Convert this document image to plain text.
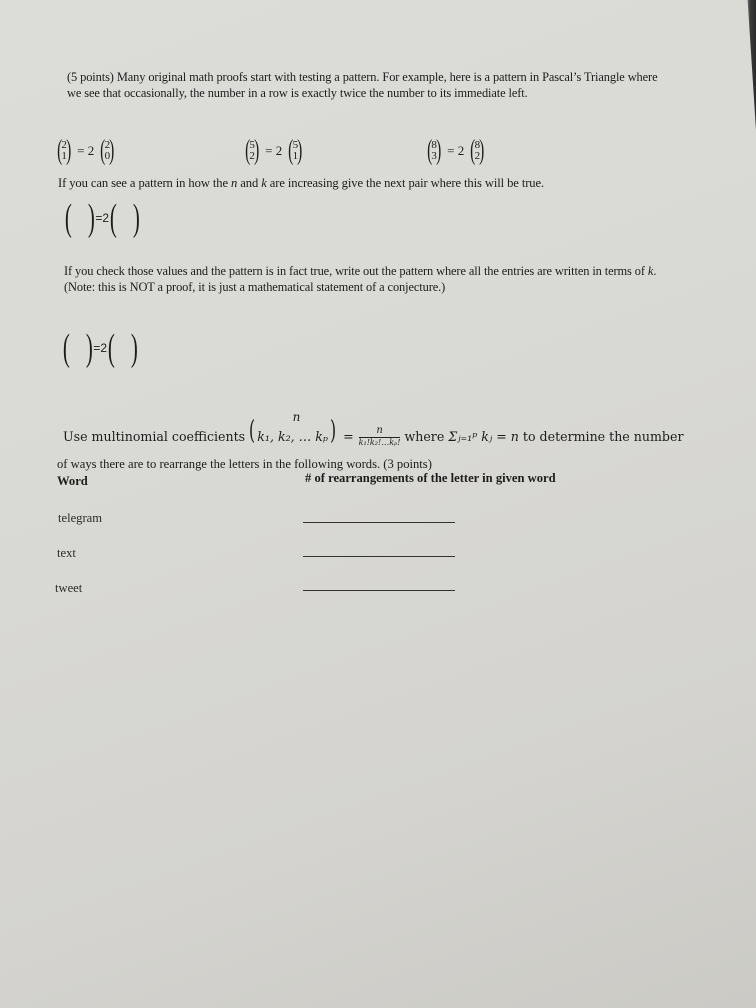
(5 points) Many original math proofs start with testing a pattern. For example, here is a pattern in Pascal’s Triangle where we see that occasionally, the number in a row is exactly twice the number to its immediate left.
( 2
1 ) = 2 ( 2
0 )	( 5
2 ) = 2 ( 5
1 )	( 8
3 ) = 2 ( 8
2 )
If you can see a pattern in how the n and k are increasing give the next pair where this will be true.
( ) =2 ( )
If you check those values and the pattern is in fact true, write out the pattern where all the entries are written in terms of k. (Note: this is NOT a proof, it is just a mathematical statement of a conjecture.)
( ) =2 ( )
Use multinomial coefficients (	n
k₁, k₂, … kₚ ) = $\frac{n}{\text{k₁!k₂!…kₚ!}}$ where Σⱼ₌₁ᵖ kⱼ = n to determine the number
of ways there are to rearrange the letters in the following words. (3 points)
Word	# of rearrangements of the letter in given word
telegram
text
tweet
